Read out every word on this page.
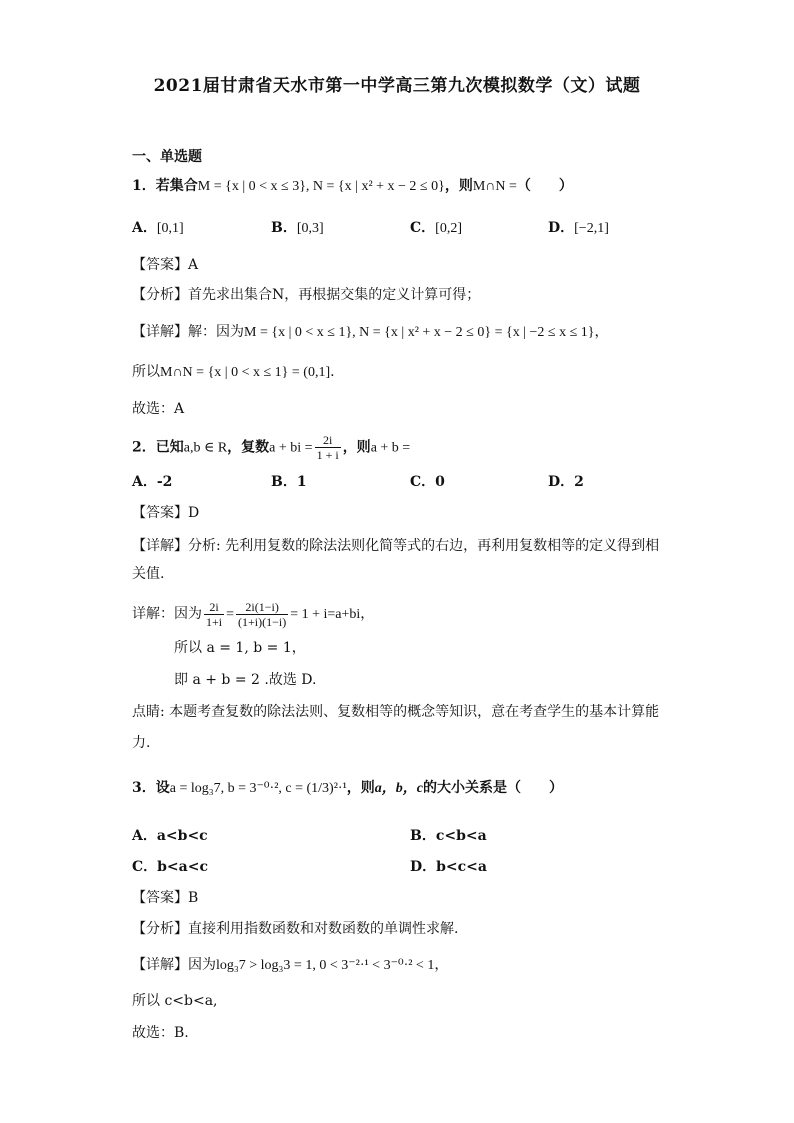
2021届甘肃省天水市第一中学高三第九次模拟数学（文）试题
一、单选题
1．若集合M = {x | 0 < x ≤ 3}, N = {x | x² + x − 2 ≤ 0}，则M∩N =（　　）
A．[0,1]	B．[0,3]	C．[0,2]	D．[−2,1]
【答案】A
【分析】首先求出集合N，再根据交集的定义计算可得；
【详解】解：因为M = {x | 0 < x ≤ 1}, N = {x | x² + x − 2 ≤ 0} = {x | −2 ≤ x ≤ 1}，
所以M∩N = {x | 0 < x ≤ 1} = (0,1].
故选：A
2．已知a,b ∈ R，复数a + bi = $\frac{2i}{1 + i}$ ，则a + b =
A．-2	B．1	C．0	D．2
【答案】D
【详解】分析: 先利用复数的除法法则化简等式的右边，再利用复数相等的定义得到相
关值.
详解：因为 $\frac{2i}{1+i} = \frac{2i(1-i)}{(1+i)(1-i)} = 1 + i=a+bi$，
所以 a = 1, b = 1，
即 a + b = 2 .故选 D.
点睛: 本题考查复数的除法法则、复数相等的概念等知识，意在考查学生的基本计算能
力.
3．设a = log₃7, b = 3⁻⁰·², c = (1/3)²·¹，则a，b，c的大小关系是（　　）
A．a<b<c	B．c<b<a
C．b<a<c	D．b<c<a
【答案】B
【分析】直接利用指数函数和对数函数的单调性求解.
【详解】因为log₃7 > log₃3 = 1, 0 < 3⁻²·¹ < 3⁻⁰·² < 1，
所以 c<b<a,
故选：B.
